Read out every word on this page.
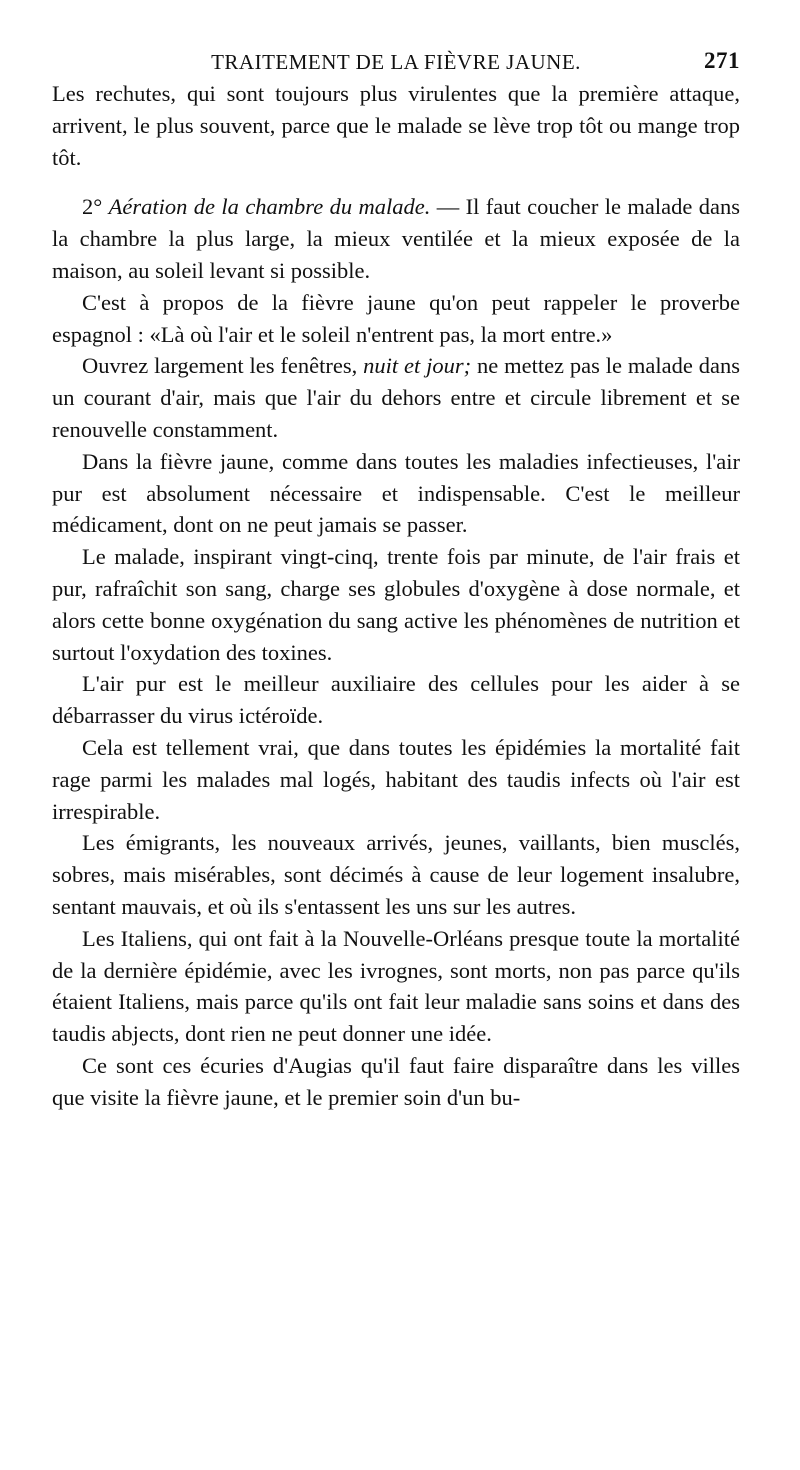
TRAITEMENT DE LA FIÈVRE JAUNE.	271

Les rechutes, qui sont toujours plus virulentes que la première attaque, arrivent, le plus souvent, parce que le malade se lève trop tôt ou mange trop tôt.

2° Aération de la chambre du malade. — Il faut coucher le malade dans la chambre la plus large, la mieux ventilée et la mieux exposée de la maison, au soleil levant si possible.

C'est à propos de la fièvre jaune qu'on peut rappeler le proverbe espagnol : «Là où l'air et le soleil n'entrent pas, la mort entre.»

Ouvrez largement les fenêtres, nuit et jour; ne mettez pas le malade dans un courant d'air, mais que l'air du dehors entre et circule librement et se renouvelle constamment.

Dans la fièvre jaune, comme dans toutes les maladies infectieuses, l'air pur est absolument nécessaire et indispensable. C'est le meilleur médicament, dont on ne peut jamais se passer.

Le malade, inspirant vingt-cinq, trente fois par minute, de l'air frais et pur, rafraîchit son sang, charge ses globules d'oxygène à dose normale, et alors cette bonne oxygénation du sang active les phénomènes de nutrition et surtout l'oxydation des toxines.

L'air pur est le meilleur auxiliaire des cellules pour les aider à se débarrasser du virus ictéroïde.

Cela est tellement vrai, que dans toutes les épidémies la mortalité fait rage parmi les malades mal logés, habitant des taudis infects où l'air est irrespirable.

Les émigrants, les nouveaux arrivés, jeunes, vaillants, bien musclés, sobres, mais misérables, sont décimés à cause de leur logement insalubre, sentant mauvais, et où ils s'entassent les uns sur les autres.

Les Italiens, qui ont fait à la Nouvelle-Orléans presque toute la mortalité de la dernière épidémie, avec les ivrognes, sont morts, non pas parce qu'ils étaient Italiens, mais parce qu'ils ont fait leur maladie sans soins et dans des taudis abjects, dont rien ne peut donner une idée.

Ce sont ces écuries d'Augias qu'il faut faire disparaître dans les villes que visite la fièvre jaune, et le premier soin d'un bu-
